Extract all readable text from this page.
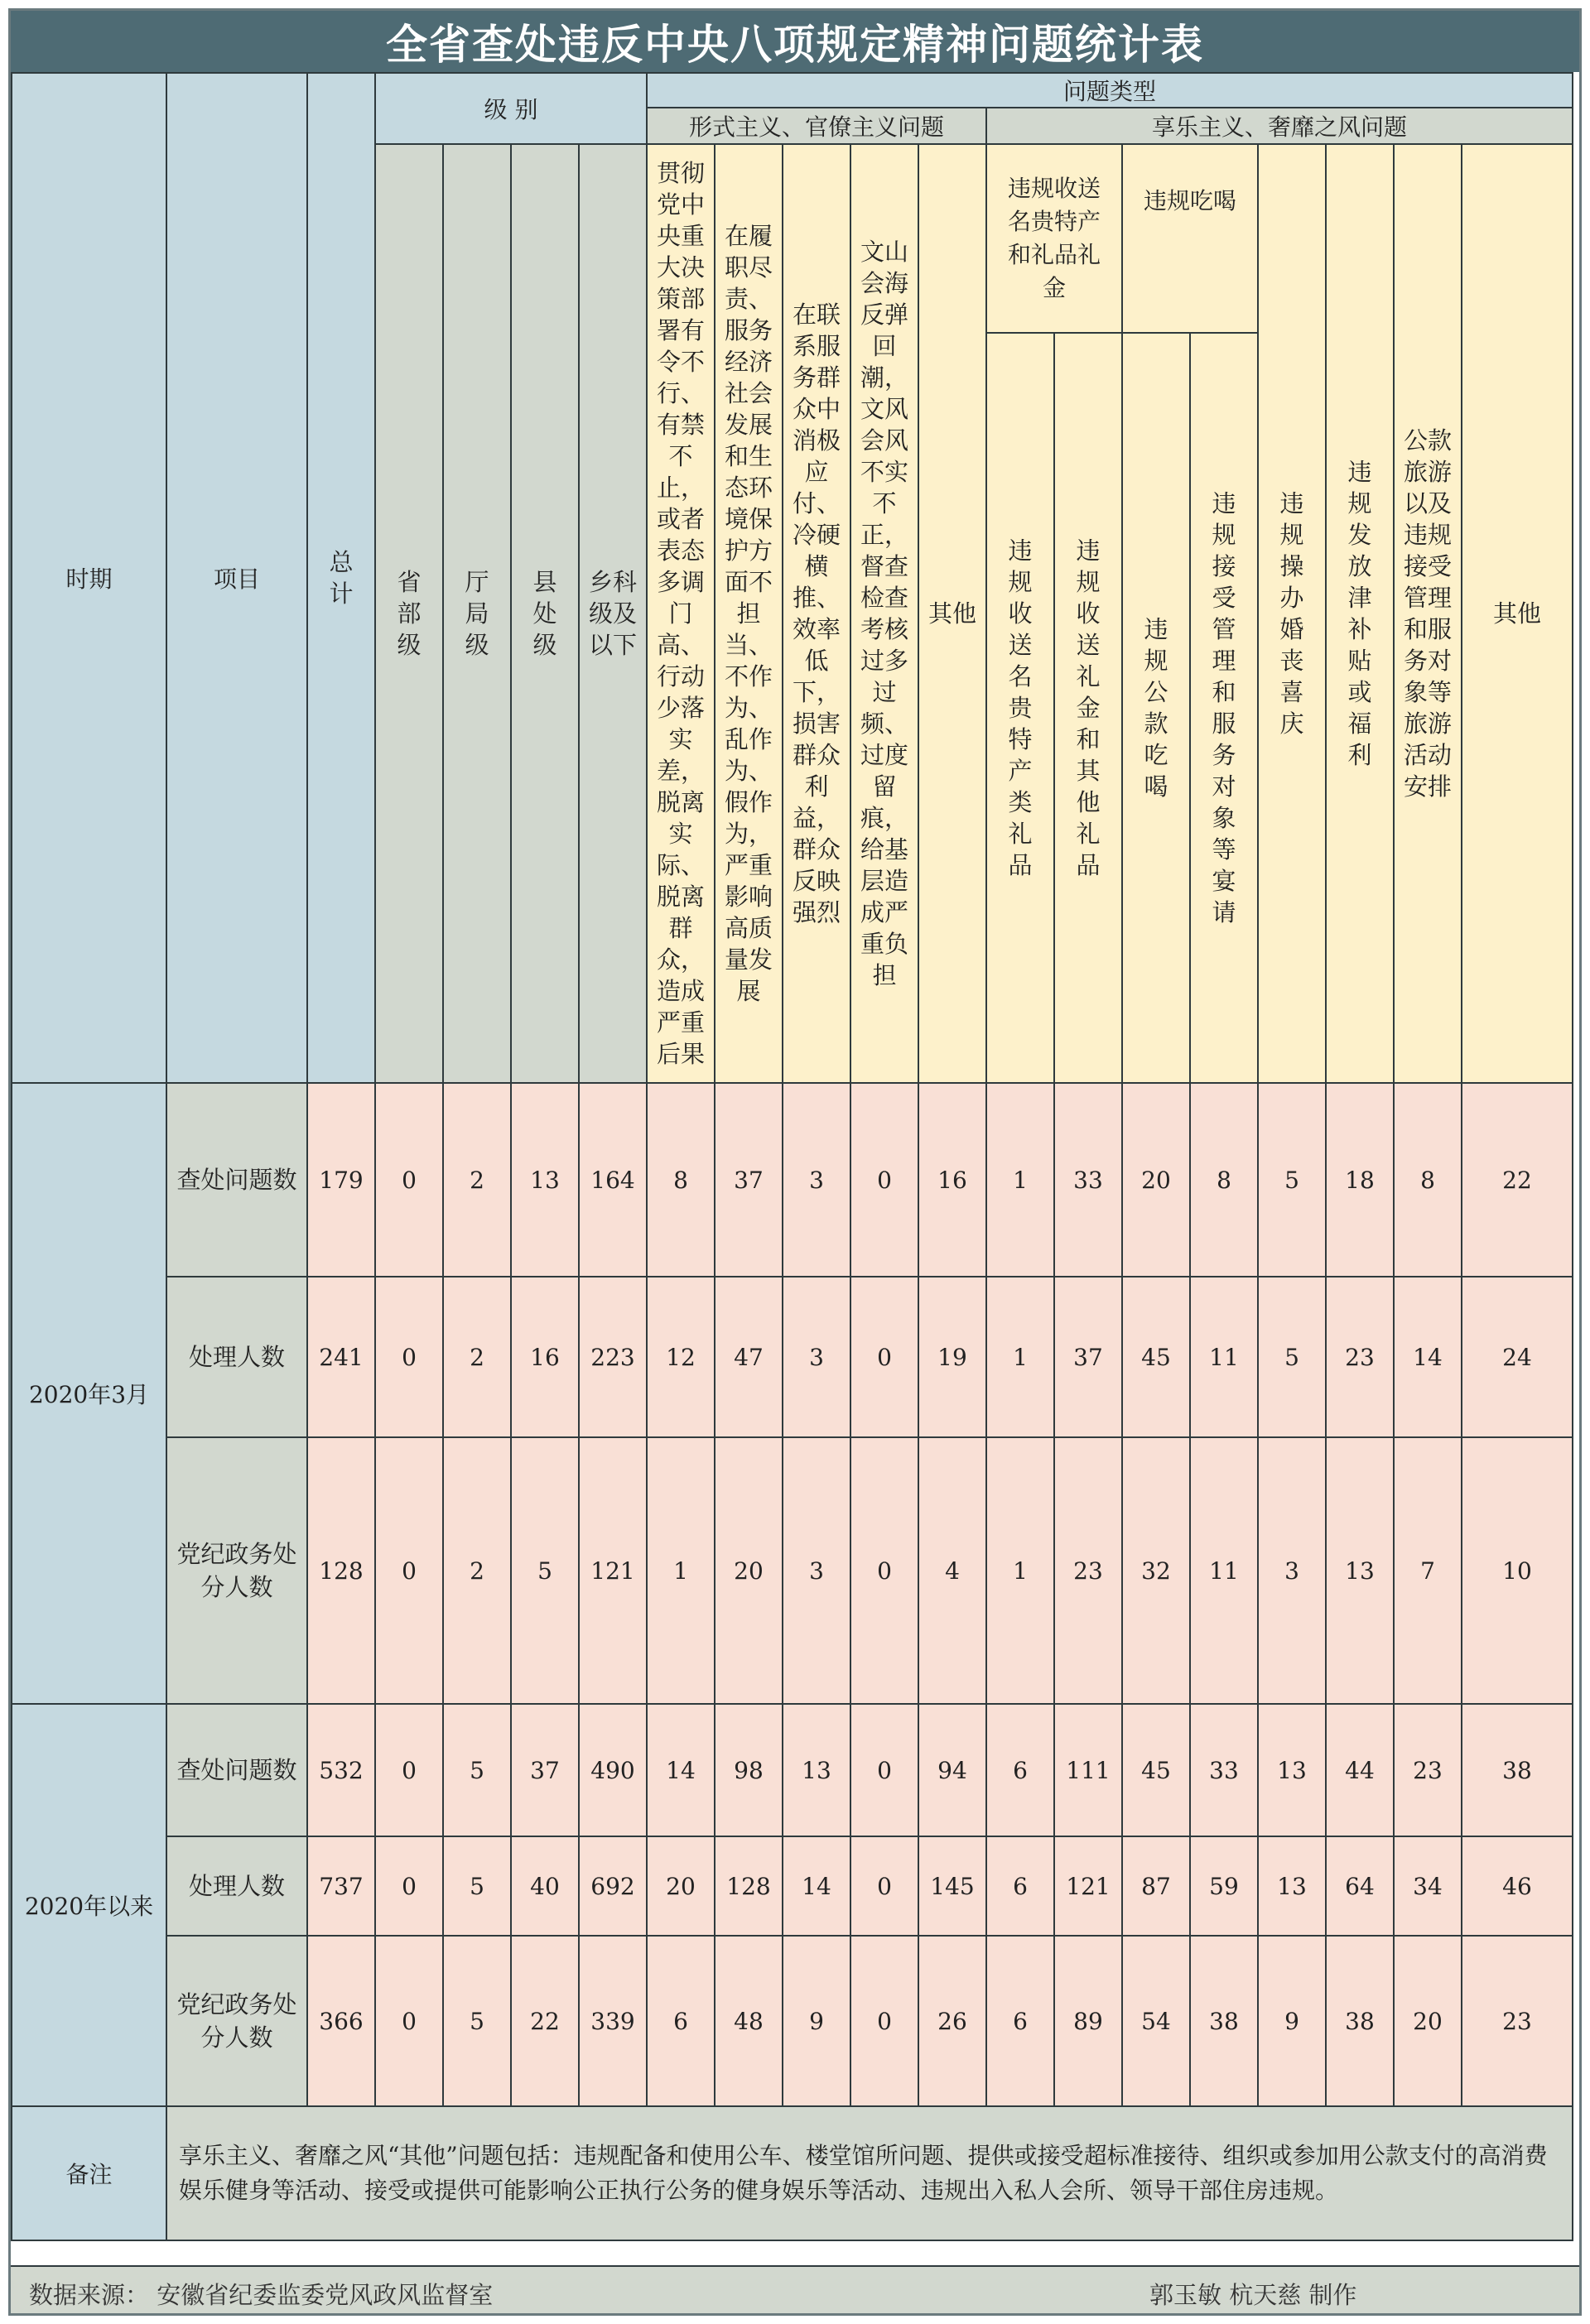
全省查处违反中央八项规定精神问题统计表
时期	项目	总计	级 别				问题类型												
							形式主义、官僚主义问题					享乐主义、奢靡之风问题							

			省部级	厅局级	县处级	乡科级及以下	贯彻党中央重大决策部署有令不行、有禁不止，或者表态多调门高、行动少落实差，脱离实际、脱离群众，造成严重后果	在履职尽责、服务经济社会发展和生态环境保护方面不担当、不作为、乱作为、假作为，严重影响高质量发展	在联系服务群众中消极应付、冷硬横推、效率低下，损害群众利益，群众反映强烈	文山会海反弹回潮，文风会风不实不正，督查检查考核过多过频、过度留痕，给基层造成严重负担	其他	违规收送名贵特产和礼品礼金		违规吃喝		违规操办婚丧喜庆	违规发放津补贴或福利	公款旅游以及违规接受管理和服务对象等旅游活动安排	其他

												违规收送名贵特产类礼品	违规收送礼金和其他礼品	违规公款吃喝	违规接受管理和服务对象等宴请				

2020年3月	查处问题数	179	0	2	13	164	8	37	3	0	16	1	33	20	8	5	18	8	22

	处理人数	241	0	2	16	223	12	47	3	0	19	1	37	45	11	5	23	14	24

	党纪政务处分人数	128	0	2	5	121	1	20	3	0	4	1	23	32	11	3	13	7	10
2020年以来	查处问题数	532	0	5	37	490	14	98	13	0	94	6	111	45	33	13	44	23	38

	处理人数	737	0	5	40	692	20	128	14	0	145	6	121	87	59	13	64	34	46

	党纪政务处分人数	366	0	5	22	339	6	48	9	0	26	6	89	54	38	9	38	20	23
备注	享乐主义、奢靡之风“其他”问题包括：违规配备和使用公车、楼堂馆所问题、提供或接受超标准接待、组织或参加用公款支付的高消费娱乐健身等活动、接受或提供可能影响公正执行公务的健身娱乐等活动、违规出入私人会所、领导干部住房违规。																		
数据来源： 安徽省纪委监委党风政风监督室	郭玉敏 杭天慈 制作
